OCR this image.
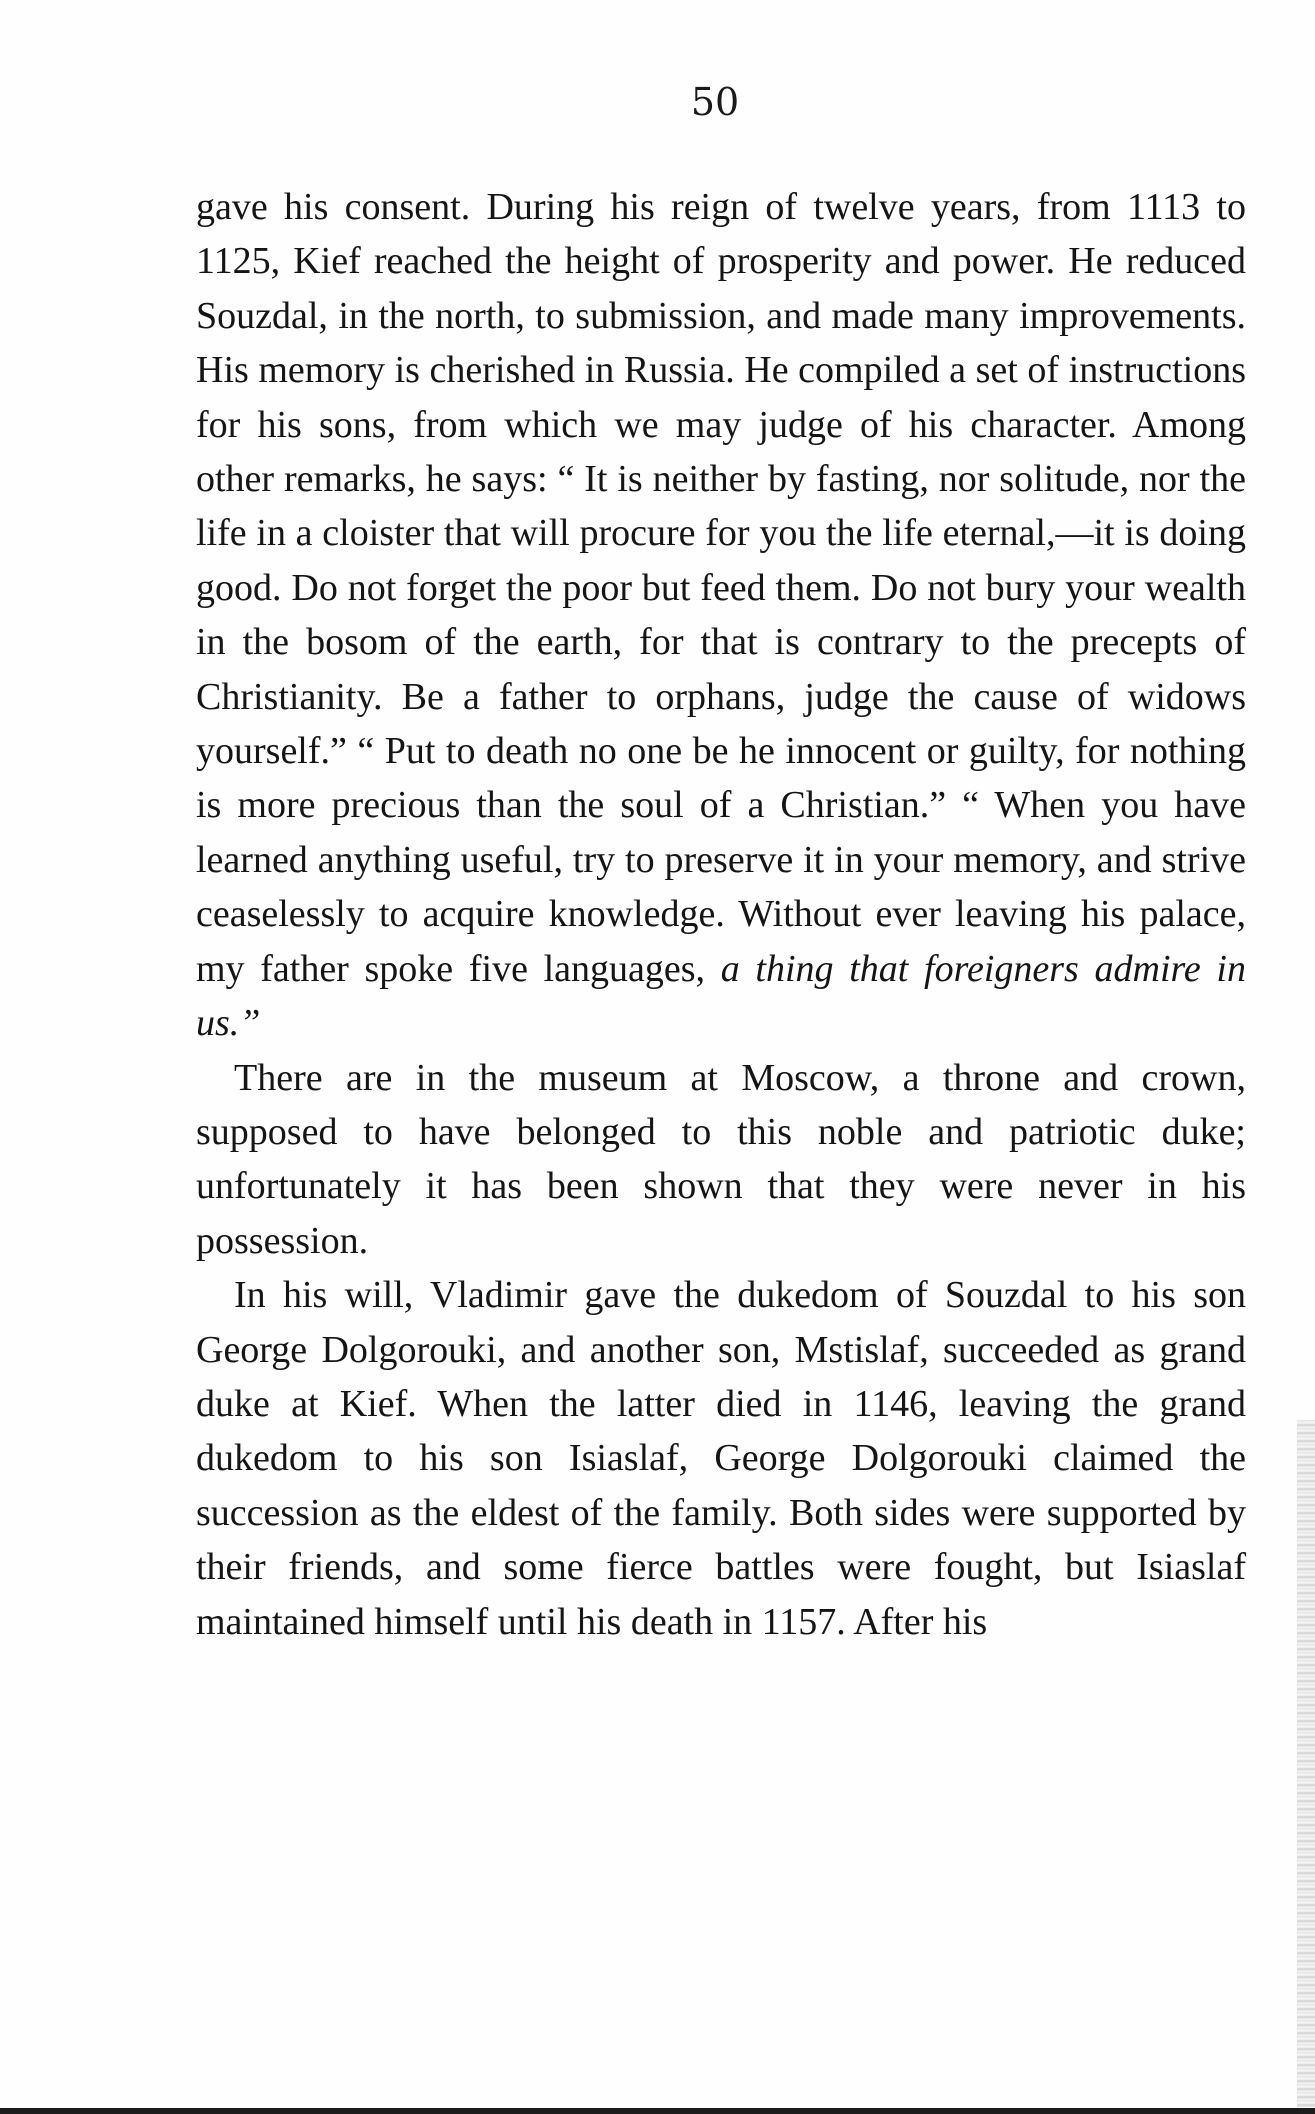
50

gave his consent. During his reign of twelve years, from 1113 to 1125, Kief reached the height of prosperity and power. He reduced Souzdal, in the north, to submission, and made many improvements. His memory is cherished in Russia. He compiled a set of instructions for his sons, from which we may judge of his character. Among other remarks, he says: “ It is neither by fasting, nor solitude, nor the life in a cloister that will procure for you the life eternal,—it is doing good. Do not forget the poor but feed them. Do not bury your wealth in the bosom of the earth, for that is contrary to the precepts of Christianity. Be a father to orphans, judge the cause of widows yourself.” “ Put to death no one be he innocent or guilty, for nothing is more precious than the soul of a Christian.” “ When you have learned anything useful, try to preserve it in your memory, and strive ceaselessly to acquire knowledge. Without ever leaving his palace, my father spoke five languages, a thing that foreigners admire in us.”

There are in the museum at Moscow, a throne and crown, supposed to have belonged to this noble and patriotic duke; unfortunately it has been shown that they were never in his possession.

In his will, Vladimir gave the dukedom of Souzdal to his son George Dolgorouki, and another son, Mstislaf, succeeded as grand duke at Kief. When the latter died in 1146, leaving the grand dukedom to his son Isiaslaf, George Dolgorouki claimed the succession as the eldest of the family. Both sides were supported by their friends, and some fierce battles were fought, but Isiaslaf maintained himself until his death in 1157. After his
